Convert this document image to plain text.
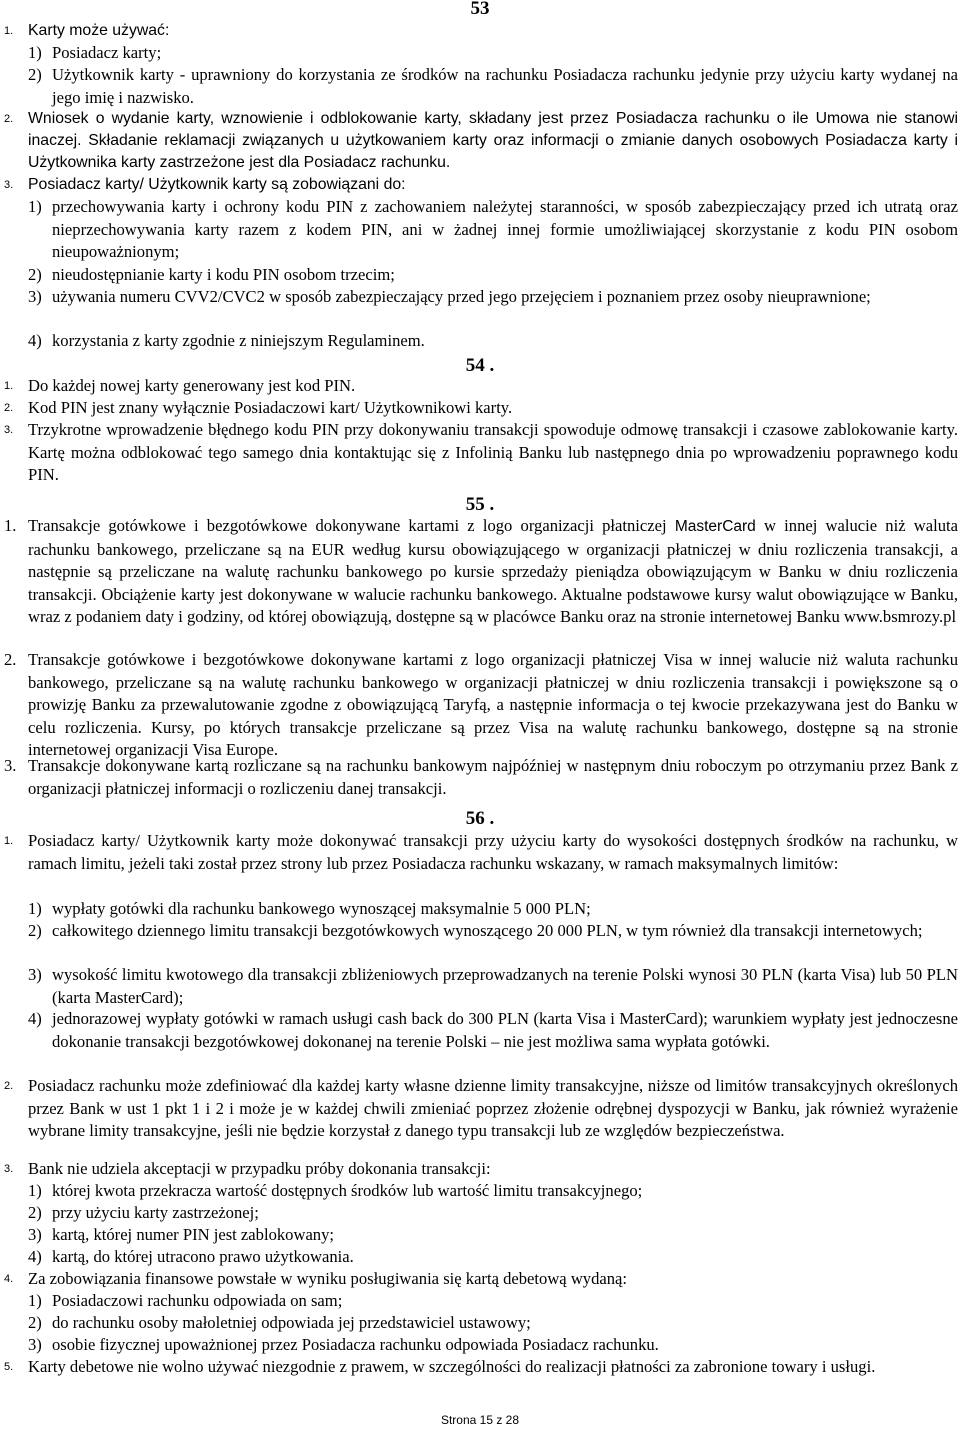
53
1. Karty może używać:
1) Posiadacz karty;
2) Użytkownik karty - uprawniony do korzystania ze środków na rachunku Posiadacza rachunku jedynie przy użyciu karty wydanej na jego imię i nazwisko.
2. Wniosek o wydanie karty, wznowienie i odblokowanie karty, składany jest przez Posiadacza rachunku o ile Umowa nie stanowi inaczej. Składanie reklamacji związanych u użytkowaniem karty oraz informacji o zmianie danych osobowych Posiadacza karty i Użytkownika karty zastrzeżone jest dla Posiadacz rachunku.
3. Posiadacz karty/ Użytkownik karty są zobowiązani do:
1) przechowywania karty i ochrony kodu PIN z zachowaniem należytej staranności, w sposób zabezpieczający przed ich utratą oraz nieprzechowywania karty razem z kodem PIN, ani w żadnej innej formie umożliwiającej skorzystanie z kodu PIN osobom nieupoważnionym;
2) nieudostępnianie karty i kodu PIN osobom trzecim;
3) używania numeru CVV2/CVC2 w sposób zabezpieczający przed jego przejęciem i poznaniem przez osoby nieuprawnione;
4) korzystania z karty zgodnie z niniejszym Regulaminem.
54 .
1. Do każdej nowej karty generowany jest kod PIN.
2. Kod PIN jest znany wyłącznie Posiadaczowi kart/ Użytkownikowi karty.
3. Trzykrotne wprowadzenie błędnego kodu PIN przy dokonywaniu transakcji spowoduje odmowę transakcji i czasowe zablokowanie karty. Kartę można odblokować tego samego dnia kontaktując się z Infolinią Banku lub następnego dnia po wprowadzeniu poprawnego kodu PIN.
55 .
1. Transakcje gotówkowe i bezgotówkowe dokonywane kartami z logo organizacji płatniczej MasterCard w innej walucie niż waluta rachunku bankowego, przeliczane są na EUR według kursu obowiązującego w organizacji płatniczej w dniu rozliczenia transakcji, a następnie są przeliczane na walutę rachunku bankowego po kursie sprzedaży pieniądza obowiązującym w Banku w dniu rozliczenia transakcji. Obciążenie karty jest dokonywane w walucie rachunku bankowego. Aktualne podstawowe kursy walut obowiązujące w Banku, wraz z podaniem daty i godziny, od której obowiązują, dostępne są w placówce Banku oraz na stronie internetowej Banku www.bsmrozy.pl
2. Transakcje gotówkowe i bezgotówkowe dokonywane kartami z logo organizacji płatniczej Visa w innej walucie niż waluta rachunku bankowego, przeliczane są na walutę rachunku bankowego w organizacji płatniczej w dniu rozliczenia transakcji i powiększone są o prowizję Banku za przewalutowanie zgodne z obowiązującą Taryfą, a następnie informacja o tej kwocie przekazywana jest do Banku w celu rozliczenia. Kursy, po których transakcje przeliczane są przez Visa na walutę rachunku bankowego, dostępne są na stronie internetowej organizacji Visa Europe.
3. Transakcje dokonywane kartą rozliczane są na rachunku bankowym najpóźniej w następnym dniu roboczym po otrzymaniu przez Bank z organizacji płatniczej informacji o rozliczeniu danej transakcji.
56 .
1. Posiadacz karty/ Użytkownik karty może dokonywać transakcji przy użyciu karty do wysokości dostępnych środków na rachunku, w ramach limitu, jeżeli taki został przez strony lub przez Posiadacza rachunku wskazany, w ramach maksymalnych limitów:
1) wypłaty gotówki dla rachunku bankowego wynoszącej maksymalnie 5 000 PLN;
2) całkowitego dziennego limitu transakcji bezgotówkowych wynoszącego 20 000 PLN, w tym również dla transakcji internetowych;
3) wysokość limitu kwotowego dla transakcji zbliżeniowych przeprowadzanych na terenie Polski wynosi 30 PLN (karta Visa) lub 50 PLN (karta MasterCard);
4) jednorazowej wypłaty gotówki w ramach usługi cash back do 300 PLN (karta Visa i MasterCard); warunkiem wypłaty jest jednoczesne dokonanie transakcji bezgotówkowej dokonanej na terenie Polski – nie jest możliwa sama wypłata gotówki.
2. Posiadacz rachunku może zdefiniować dla każdej karty własne dzienne limity transakcyjne, niższe od limitów transakcyjnych określonych przez Bank w ust 1 pkt 1 i 2 i może je w każdej chwili zmieniać poprzez złożenie odrębnej dyspozycji w Banku, jak również wyrażenie wybrane limity transakcyjne, jeśli nie będzie korzystał z danego typu transakcji lub ze względów bezpieczeństwa.
3. Bank nie udziela akceptacji w przypadku próby dokonania transakcji:
1) której kwota przekracza wartość dostępnych środków lub wartość limitu transakcyjnego;
2) przy użyciu karty zastrzeżonej;
3) kartą, której numer PIN jest zablokowany;
4) kartą, do której utracono prawo użytkowania.
4. Za zobowiązania finansowe powstałe w wyniku posługiwania się kartą debetową wydaną:
1) Posiadaczowi rachunku odpowiada on sam;
2) do rachunku osoby małoletniej odpowiada jej przedstawiciel ustawowy;
3) osobie fizycznej upoważnionej przez Posiadacza rachunku odpowiada Posiadacz rachunku.
5. Karty debetowe nie wolno używać niezgodnie z prawem, w szczególności do realizacji płatności za zabronione towary i usługi.
Strona 15 z 28
